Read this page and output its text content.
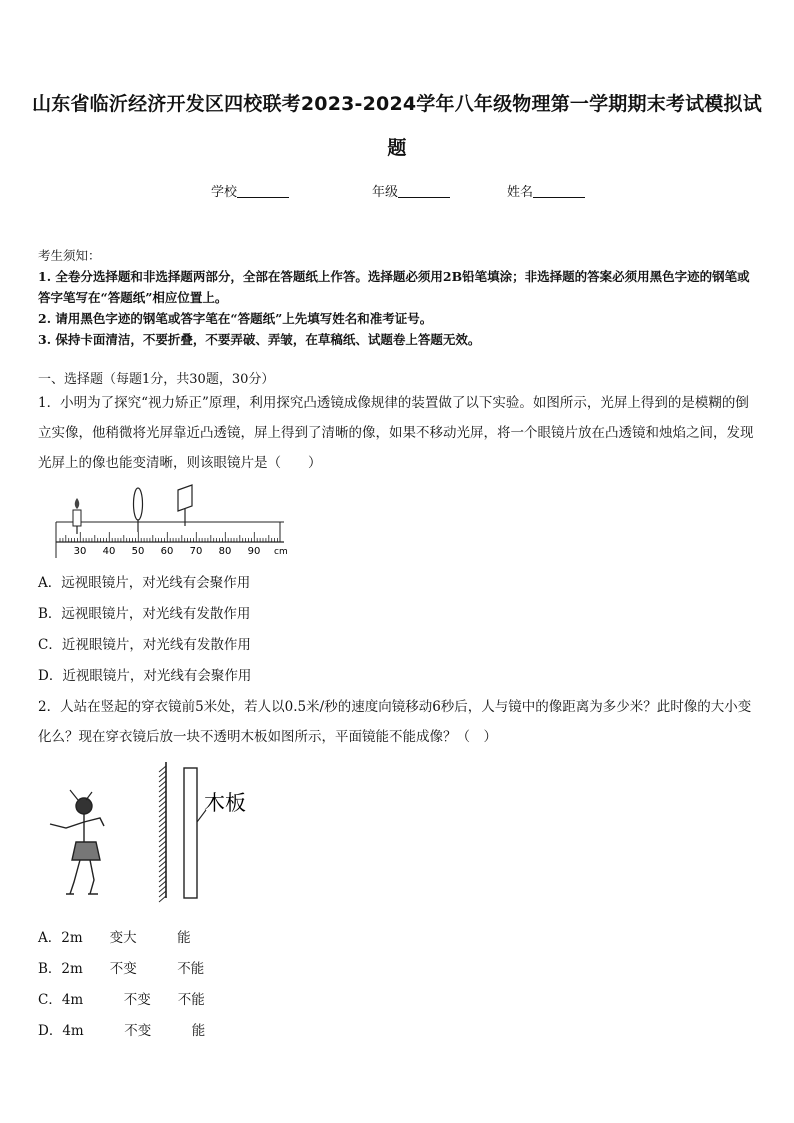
山东省临沂经济开发区四校联考2023-2024学年八年级物理第一学期期末考试模拟试题
学校	年级	姓名
考生须知：
1. 全卷分选择题和非选择题两部分，全部在答题纸上作答。选择题必须用2B铅笔填涂；非选择题的答案必须用黑色字迹的钢笔或答字笔写在“答题纸”相应位置上。
2. 请用黑色字迹的钢笔或答字笔在“答题纸”上先填写姓名和准考证号。
3. 保持卡面清洁，不要折叠，不要弄破、弄皱，在草稿纸、试题卷上答题无效。
一、选择题（每题1分，共30题，30分）
1．小明为了探究“视力矫正”原理，利用探究凸透镜成像规律的装置做了以下实验。如图所示，光屏上得到的是模糊的倒立实像，他稍微将光屏靠近凸透镜，屏上得到了清晰的像，如果不移动光屏，将一个眼镜片放在凸透镜和烛焰之间，发现光屏上的像也能变清晰，则该眼镜片是（　　）
30 40 50 60 70 80 90 cm
A．远视眼镜片，对光线有会聚作用
B．远视眼镜片，对光线有发散作用
C．近视眼镜片，对光线有发散作用
D．近视眼镜片，对光线有会聚作用
2．人站在竖起的穿衣镜前5米处，若人以0.5米/秒的速度向镜移动6秒后，人与镜中的像距离为多少米？此时像的大小变化么？现在穿衣镜后放一块不透明木板如图所示，平面镜能不能成像？（　）
木板
A．2m　　变大　　　能
B．2m　　不变　　　不能
C．4m　　　不变　　不能
D．4m　　　不变　　　能
